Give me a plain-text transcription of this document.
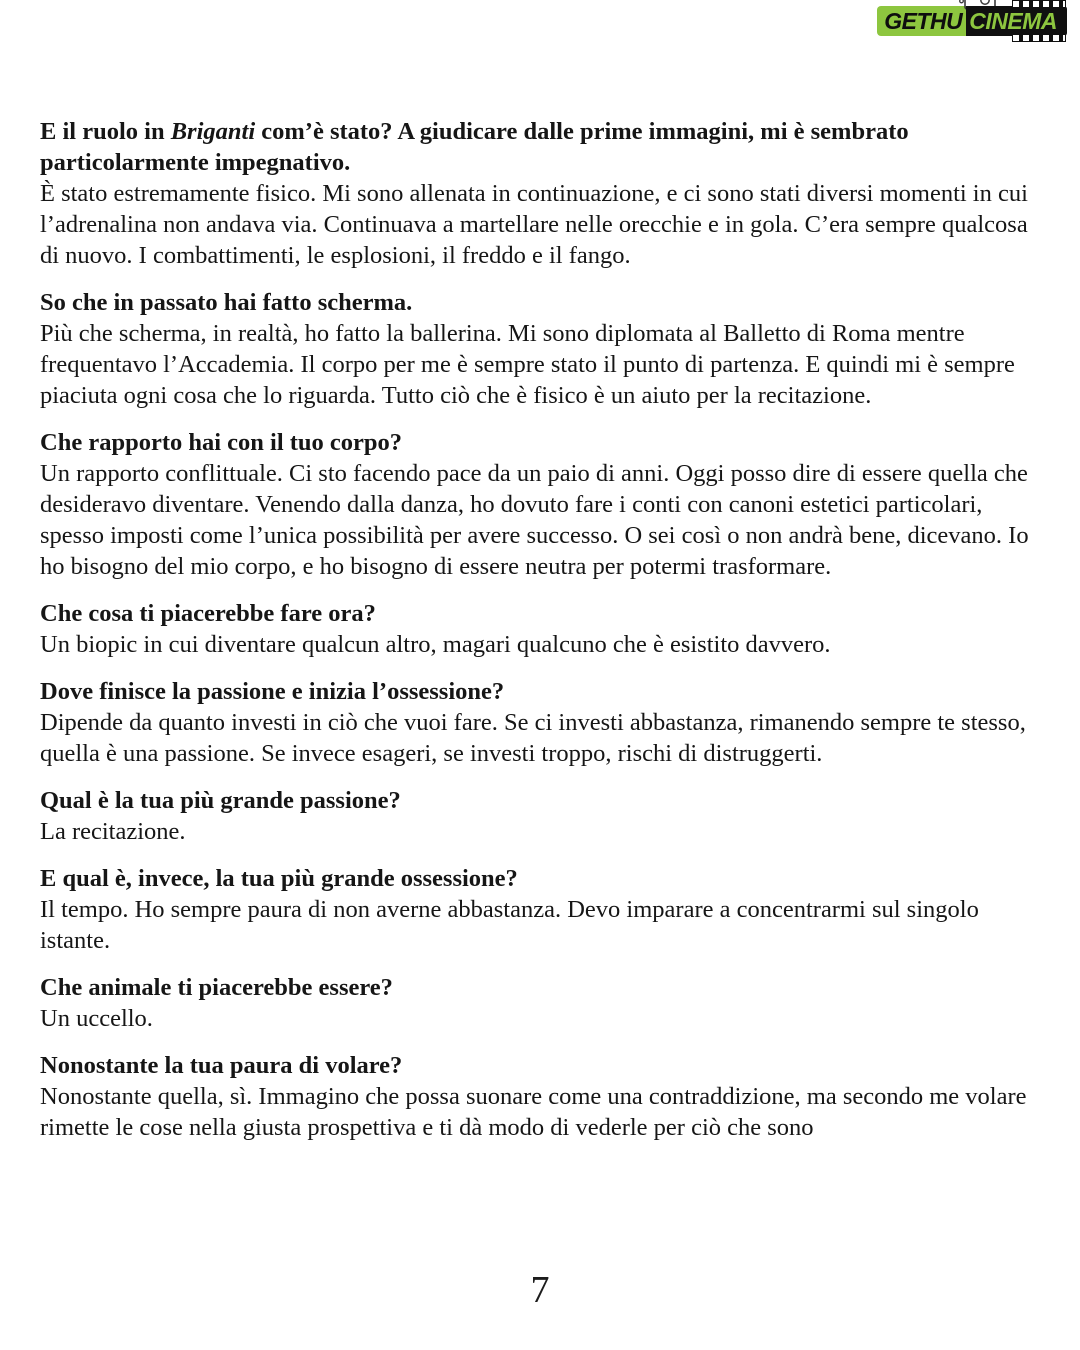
GETHU CINEMA

E il ruolo in Briganti com’è stato? A giudicare dalle prime immagini, mi è sembrato particolarmente impegnativo.

È stato estremamente fisico. Mi sono allenata in continuazione, e ci sono stati diversi momenti in cui l’adrenalina non andava via. Continuava a martellare nelle orecchie e in gola. C’era sempre qualcosa di nuovo. I combattimenti, le esplosioni, il freddo e il fango.

So che in passato hai fatto scherma.

Più che scherma, in realtà, ho fatto la ballerina. Mi sono diplomata al Balletto di Roma mentre frequentavo l’Accademia. Il corpo per me è sempre stato il punto di partenza. E quindi mi è sempre piaciuta ogni cosa che lo riguarda. Tutto ciò che è fisico è un aiuto per la recitazione.

Che rapporto hai con il tuo corpo?

Un rapporto conflittuale. Ci sto facendo pace da un paio di anni. Oggi posso dire di essere quella che desideravo diventare. Venendo dalla danza, ho dovuto fare i conti con canoni estetici particolari, spesso imposti come l’unica possibilità per avere successo. O sei così o non andrà bene, dicevano. Io ho bisogno del mio corpo, e ho bisogno di essere neutra per potermi trasformare.

Che cosa ti piacerebbe fare ora?

Un biopic in cui diventare qualcun altro, magari qualcuno che è esistito davvero.

Dove finisce la passione e inizia l’ossessione?

Dipende da quanto investi in ciò che vuoi fare. Se ci investi abbastanza, rimanendo sempre te stesso, quella è una passione. Se invece esageri, se investi troppo, rischi di distruggerti.

Qual è la tua più grande passione?

La recitazione.

E qual è, invece, la tua più grande ossessione?

Il tempo. Ho sempre paura di non averne abbastanza. Devo imparare a concentrarmi sul singolo istante.

Che animale ti piacerebbe essere?

Un uccello.

Nonostante la tua paura di volare?

Nonostante quella, sì. Immagino che possa suonare come una contraddizione, ma secondo me volare rimette le cose nella giusta prospettiva e ti dà modo di vederle per ciò che sono

7
